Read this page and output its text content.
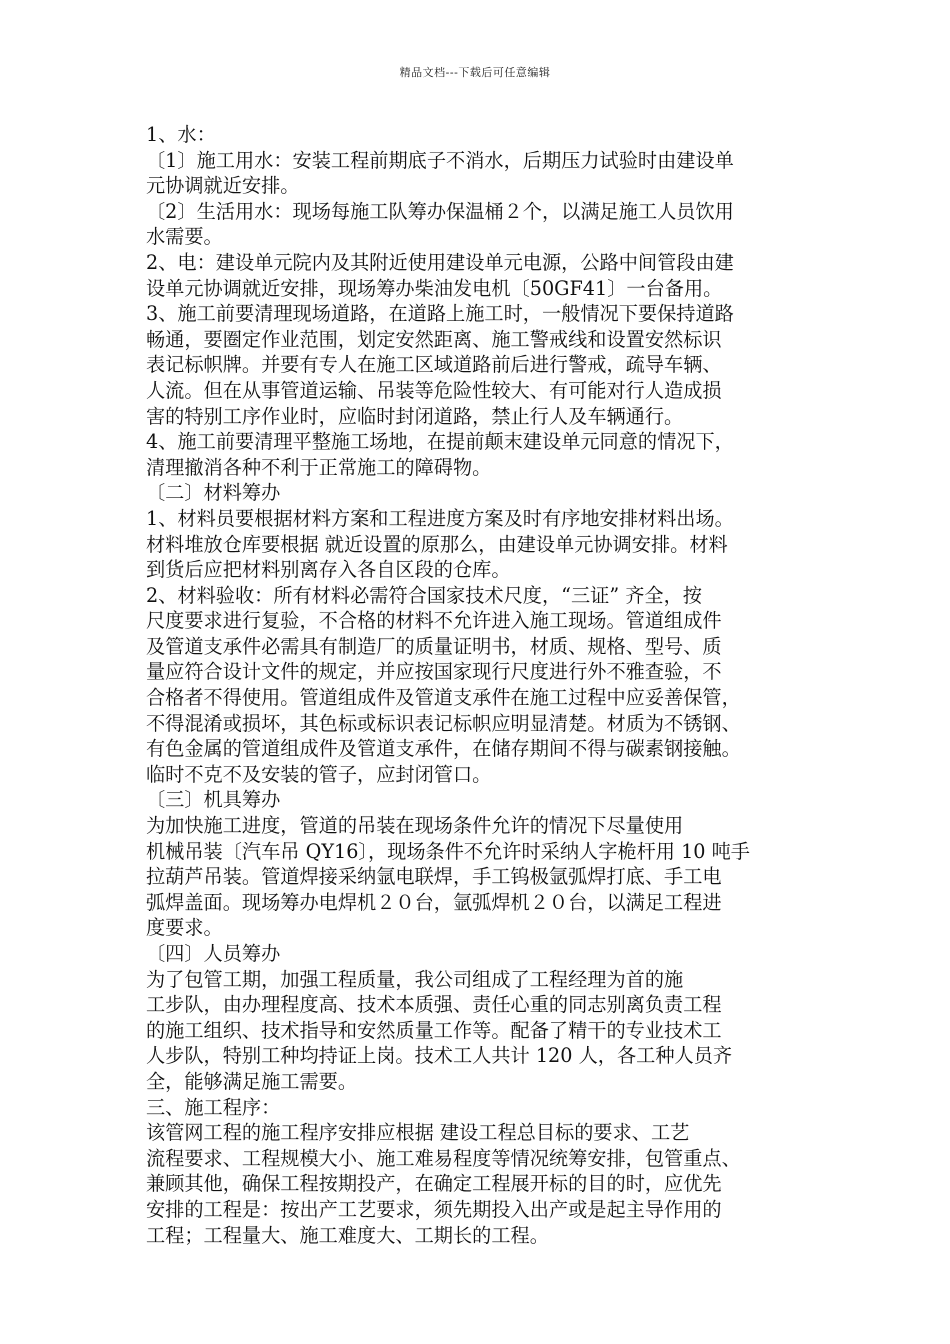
精品文档---下载后可任意编辑
1、水：
〔1〕施工用水：安装工程前期底子不消水，后期压力试验时由建设单
元协调就近安排。
〔2〕生活用水：现场每施工队筹办保温桶２个，以满足施工人员饮用
水需要。
2、电：建设单元院内及其附近使用建设单元电源，公路中间管段由建
设单元协调就近安排，现场筹办柴油发电机〔50GF41〕一台备用。
3、施工前要清理现场道路，在道路上施工时，一般情况下要保持道路
畅通，要圈定作业范围，划定安然距离、施工警戒线和设置安然标识
表记标帜牌。并要有专人在施工区域道路前后进行警戒，疏导车辆、
人流。但在从事管道运输、吊装等危险性较大、有可能对行人造成损
害的特别工序作业时，应临时封闭道路，禁止行人及车辆通行。
4、施工前要清理平整施工场地，在提前颠末建设单元同意的情况下，
清理撤消各种不利于正常施工的障碍物。
〔二〕材料筹办
1、材料员要根据材料方案和工程进度方案及时有序地安排材料出场。
材料堆放仓库要根据 就近设置的原那么，由建设单元协调安排。材料
到货后应把材料别离存入各自区段的仓库。
2、材料验收：所有材料必需符合国家技术尺度，“三证” 齐全，按
尺度要求进行复验，不合格的材料不允许进入施工现场。管道组成件
及管道支承件必需具有制造厂的质量证明书，材质、规格、型号、质
量应符合设计文件的规定，并应按国家现行尺度进行外不雅查验，不
合格者不得使用。管道组成件及管道支承件在施工过程中应妥善保管，
不得混淆或损坏，其色标或标识表记标帜应明显清楚。材质为不锈钢、
有色金属的管道组成件及管道支承件，在储存期间不得与碳素钢接触。
临时不克不及安装的管子，应封闭管口。
〔三〕机具筹办
为加快施工进度，管道的吊装在现场条件允许的情况下尽量使用
机械吊装〔汽车吊 QY16〕，现场条件不允许时采纳人字桅杆用 10 吨手
拉葫芦吊装。管道焊接采纳氩电联焊，手工钨极氩弧焊打底、手工电
弧焊盖面。现场筹办电焊机２０台，氩弧焊机２０台，以满足工程进
度要求。
〔四〕人员筹办
为了包管工期，加强工程质量，我公司组成了工程经理为首的施
工步队，由办理程度高、技术本质强、责任心重的同志别离负责工程
的施工组织、技术指导和安然质量工作等。配备了精干的专业技术工
人步队，特别工种均持证上岗。技术工人共计 120 人，各工种人员齐
全，能够满足施工需要。
三、施工程序：
该管网工程的施工程序安排应根据 建设工程总目标的要求、工艺
流程要求、工程规模大小、施工难易程度等情况统筹安排，包管重点、
兼顾其他，确保工程按期投产，在确定工程展开标的目的时，应优先
安排的工程是：按出产工艺要求，须先期投入出产或是起主导作用的
工程；工程量大、施工难度大、工期长的工程。
